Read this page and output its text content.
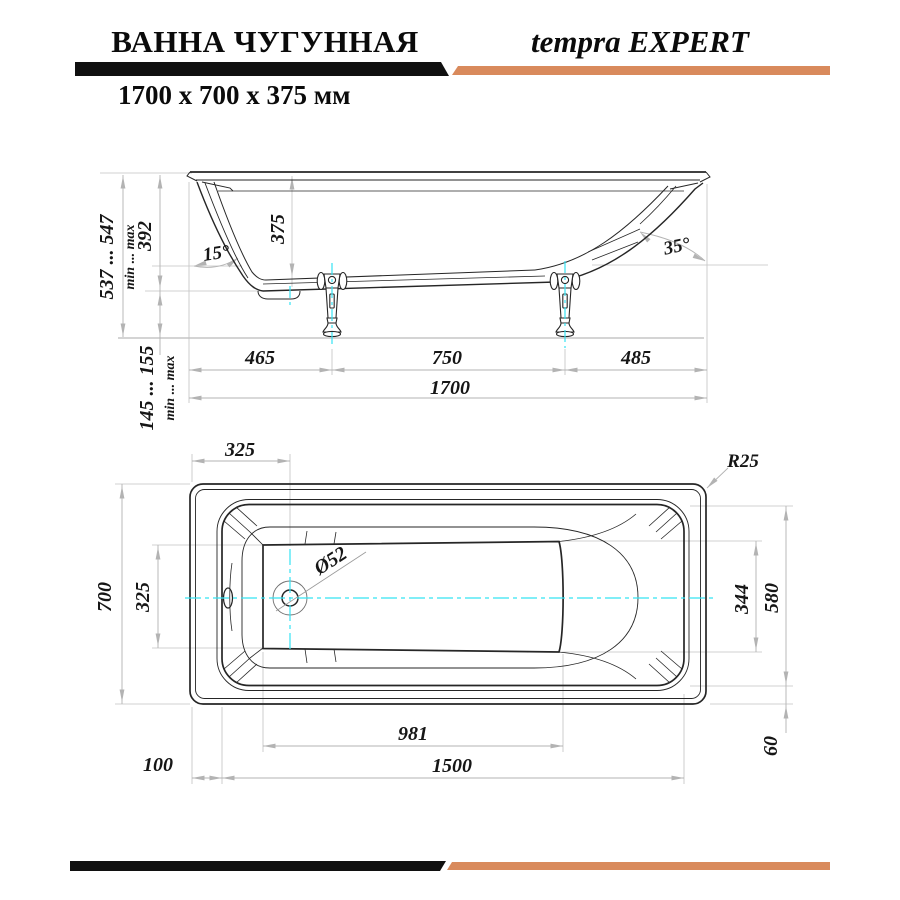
ВАННА ЧУГУННАЯ	tempra EXPERT
1700 x 700 x 375 мм
537 ... 547 min ... max
392	375
15°	35°
465	750	485
1700
145 ... 155 min ... max
700 325
325
Ø52
R25
344 580
60
981
1500
100
